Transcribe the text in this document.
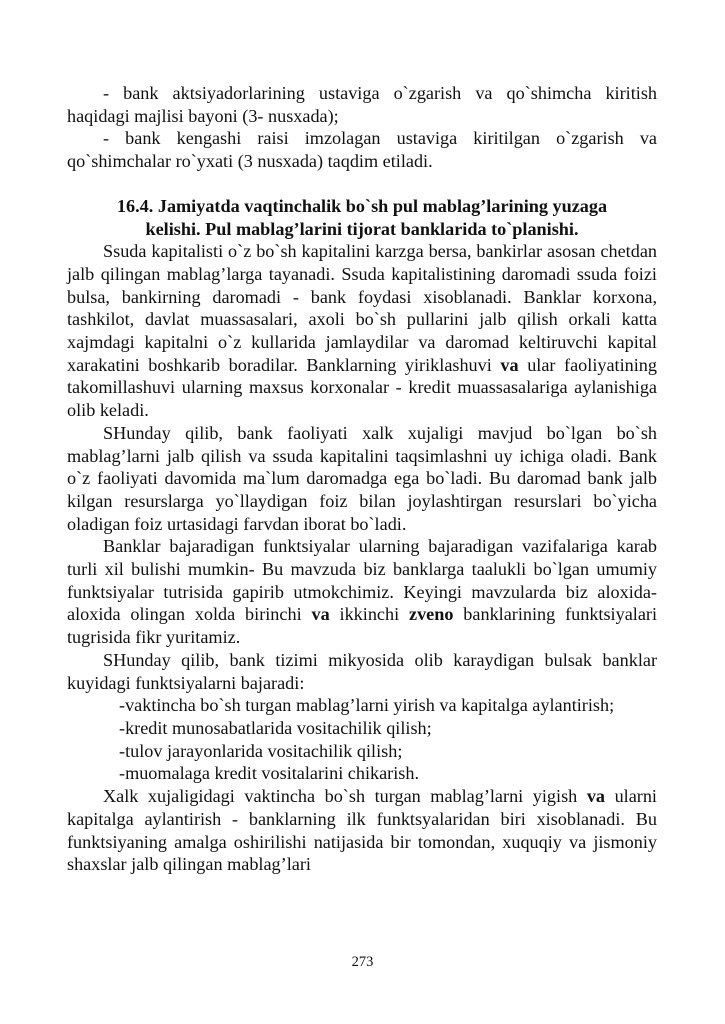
- bank aktsiyadorlarining ustaviga o`zgarish va qo`shimcha kiritish haqidagi majlisi bayoni (3- nusxada);

- bank kengashi raisi imzolagan ustaviga kiritilgan o`zgarish va qo`shimchalar ro`yxati (3 nusxada) taqdim etiladi.

16.4. Jamiyatda vaqtinchalik bo`sh pul mablag’larining yuzaga
kelishi. Pul mablag’larini tijorat banklarida to`planishi.

Ssuda kapitalisti o`z bo`sh kapitalini karzga bersa, bankirlar asosan chetdan jalb qilingan mablag’larga tayanadi. Ssuda kapitalistining daromadi ssuda foizi bulsa, bankirning daromadi - bank foydasi xisoblanadi. Banklar korxona, tashkilot, davlat muassasalari, axoli bo`sh pullarini jalb qilish orkali katta xajmdagi kapitalni o`z kullarida jamlaydilar va daromad keltiruvchi kapital xarakatini boshkarib boradilar. Banklarning yiriklashuvi va ular faoliyatining takomillashuvi ularning maxsus korxonalar - kredit muassasalariga aylanishiga olib keladi.

SHunday qilib, bank faoliyati xalk xujaligi mavjud bo`lgan bo`sh mablag’larni jalb qilish va ssuda kapitalini taqsimlashni uy ichiga oladi. Bank o`z faoliyati davomida ma`lum daromadga ega bo`ladi. Bu daromad bank jalb kilgan resurslarga yo`llaydigan foiz bilan joylashtirgan resurslari bo`yicha oladigan foiz urtasidagi farvdan iborat bo`ladi.

Banklar bajaradigan funktsiyalar ularning bajaradigan vazifalariga karab turli xil bulishi mumkin- Bu mavzuda biz banklarga taalukli bo`lgan umumiy funktsiyalar tutrisida gapirib utmokchimiz. Keyingi mavzularda biz aloxida-aloxida olingan xolda birinchi va ikkinchi zveno banklarining funktsiyalari tugrisida fikr yuritamiz.

SHunday qilib, bank tizimi mikyosida olib karaydigan bulsak banklar kuyidagi funktsiyalarni bajaradi:

-vaktincha bo`sh turgan mablag’larni yirish va kapitalga aylantirish;
-kredit munosabatlarida vositachilik qilish;
-tulov jarayonlarida vositachilik qilish;
-muomalaga kredit vositalarini chikarish.

Xalk xujaligidagi vaktincha bo`sh turgan mablag’larni yigish va ularni kapitalga aylantirish - banklarning ilk funktsyalaridan biri xisoblanadi. Bu funktsiyaning amalga oshirilishi natijasida bir tomondan, xuquqiy va jismoniy shaxslar jalb qilingan mablag’lari

273
